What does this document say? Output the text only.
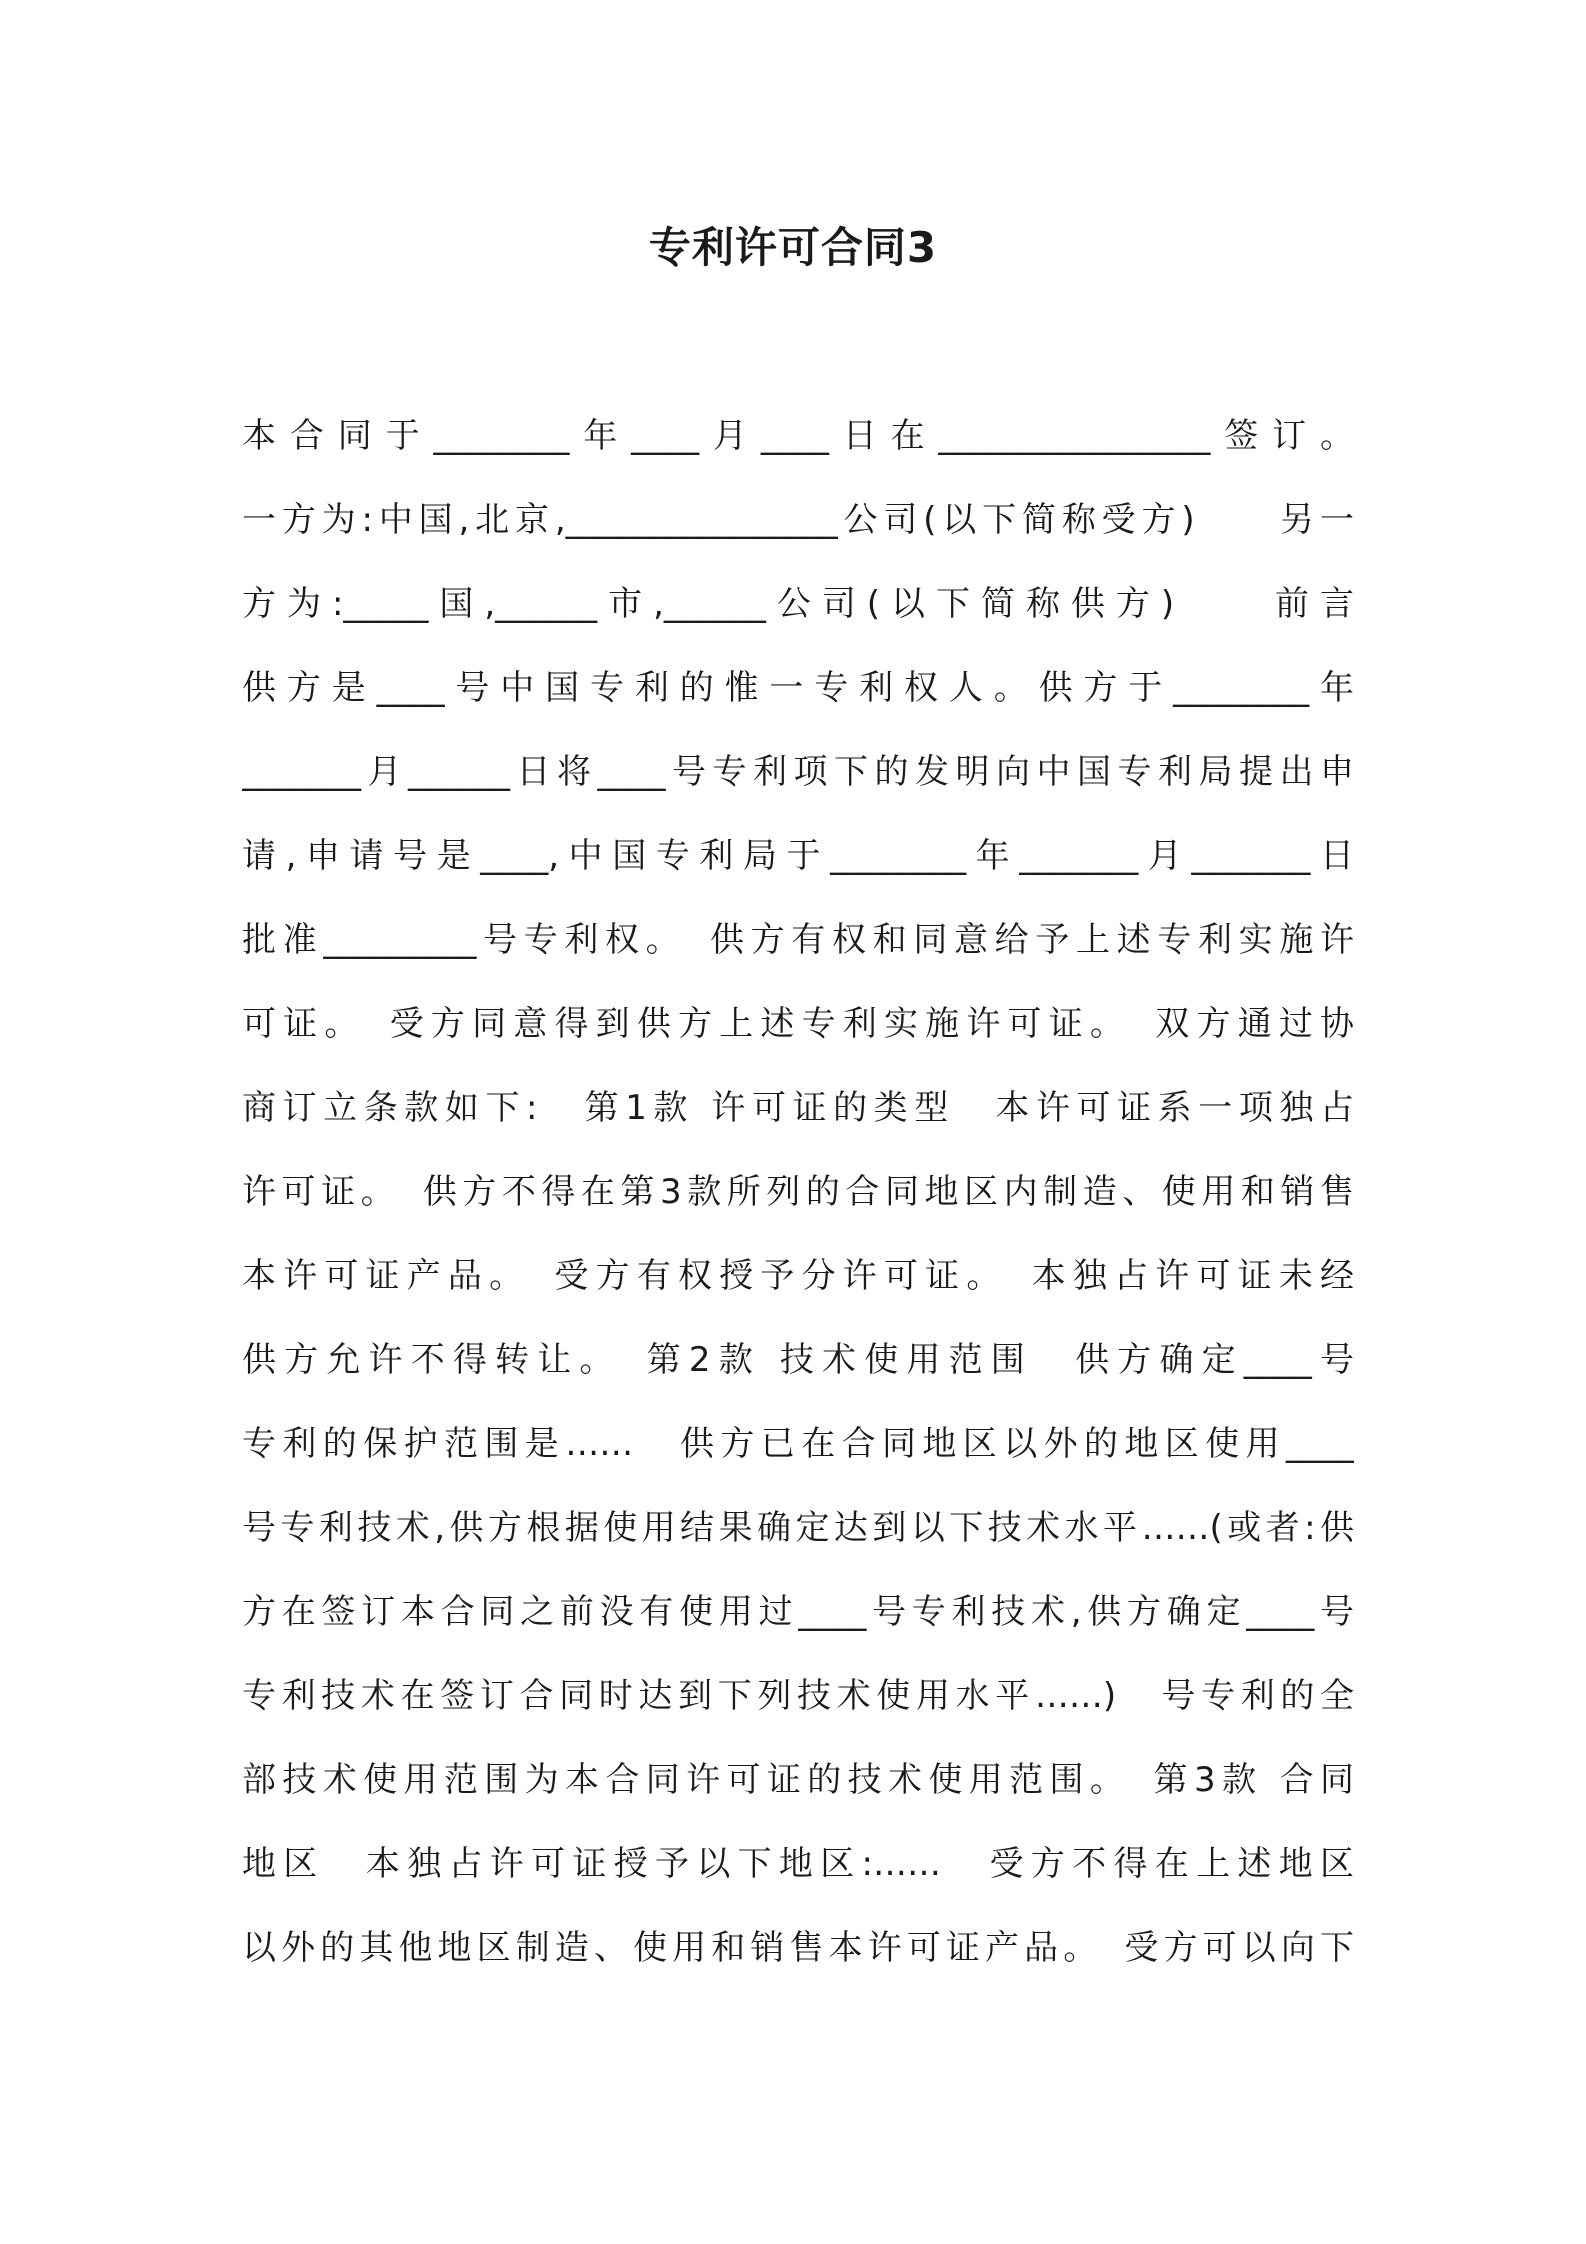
专利许可合同3
本合同于________年____月____日在________________签订。
一方为:中国,北京,________________公司(以下简称受方)　　另一
方为:_____国,______市,______公司(以下简称供方)　　前言
供方是____号中国专利的惟一专利权人。供方于________年
_______月______日将____号专利项下的发明向中国专利局提出申
请,申请号是____,中国专利局于________年_______月_______日
批准_________号专利权。　供方有权和同意给予上述专利实施许
可证。　受方同意得到供方上述专利实施许可证。　双方通过协
商订立条款如下:　第1款 许可证的类型　本许可证系一项独占
许可证。　供方不得在第3款所列的合同地区内制造、使用和销售
本许可证产品。　受方有权授予分许可证。　本独占许可证未经
供方允许不得转让。　第2款 技术使用范围　供方确定____号
专利的保护范围是……　供方已在合同地区以外的地区使用____
号专利技术,供方根据使用结果确定达到以下技术水平……(或者:供
方在签订本合同之前没有使用过____号专利技术,供方确定____号
专利技术在签订合同时达到下列技术使用水平……)　号专利的全
部技术使用范围为本合同许可证的技术使用范围。　第3款 合同
地区　本独占许可证授予以下地区:……　受方不得在上述地区
以外的其他地区制造、使用和销售本许可证产品。　受方可以向下
